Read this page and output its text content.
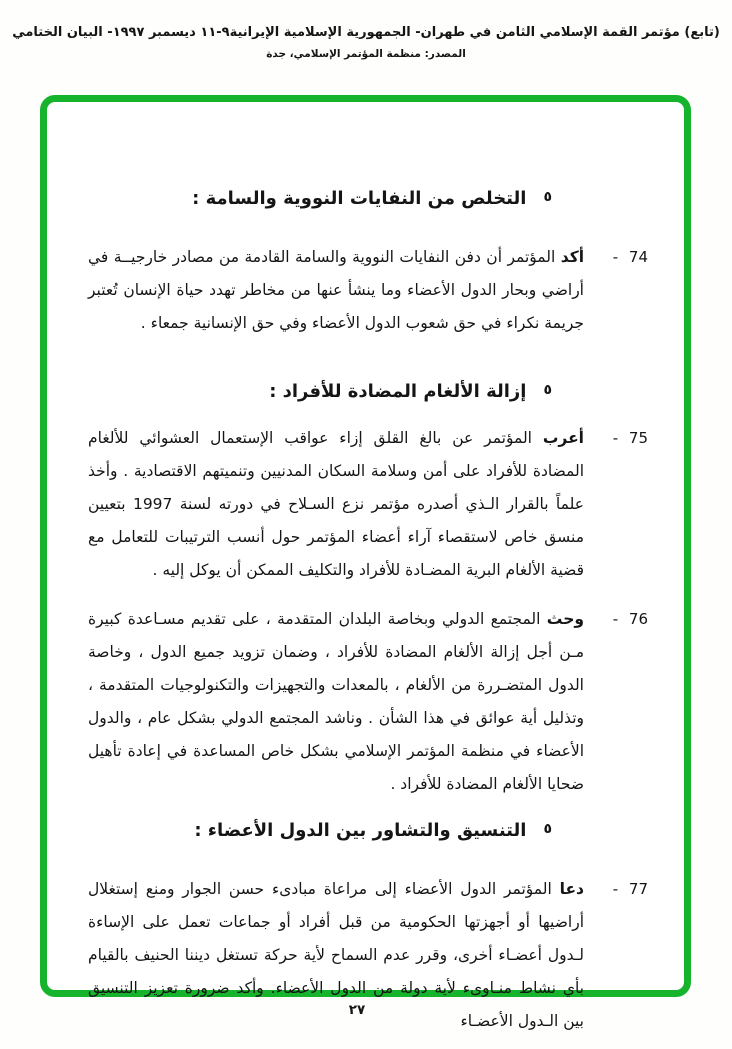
(تابع) مؤتمر القمة الإسلامي الثامن في طهران- الجمهورية الإسلامية الإيرانية٩-١١ ديسمبر ١٩٩٧- البيان الختامي
المصدر: منظمة المؤتمر الإسلامي، جدة
٥
التخلص من النفايات النووية والسامة :
- 74
أكد المؤتمر أن دفن النفايات النووية والسامة القادمة من مصادر خارجيــة في أراضي وبحار الدول الأعضاء وما ينشأ عنها من مخاطر تهدد حياة الإنسان تُعتبر جريمة نكراء في حق شعوب الدول الأعضاء وفي حق الإنسانية جمعاء .
٥
إزالة الألغام المضادة للأفراد :
- 75
أعرب المؤتمر عن بالغ القلق إزاء عواقب الإستعمال العشوائي للألغام المضادة للأفراد على أمن وسلامة السكان المدنيين وتنميتهم الاقتصادية . وأخذ علماً بالقرار الـذي أصدره مؤتمر نزع السـلاح في دورته لسنة 1997 بتعيين منسق خاص لاستقصاء آراء أعضاء المؤتمر حول أنسب الترتيبات للتعامل مع قضية الألغام البرية المضـادة للأفراد والتكليف الممكن أن يوكل إليه .
- 76
وحث المجتمع الدولي وبخاصة البلدان المتقدمة ، على تقديم مسـاعدة كبيرة مـن أجل إزالة الألغام المضادة للأفراد ، وضمان تزويد جميع الدول ، وخاصة الدول المتضـررة من الألغام ، بالمعدات والتجهيزات والتكنولوجيات المتقدمة ، وتذليل أية عوائق في هذا الشأن . وناشد المجتمع الدولي بشكل عام ، والدول الأعضاء في منظمة المؤتمر الإسلامي بشكل خاص المساعدة في إعادة تأهيل ضحايا الألغام المضادة للأفراد .
٥
التنسيق والتشاور بين الدول الأعضاء :
- 77
دعا المؤتمر الدول الأعضاء إلى مراعاة مبادىء حسن الجوار ومنع إستغلال أراضيها أو أجهزتها الحكومية من قبل أفراد أو جماعات تعمل على الإساءة لـدول أعضـاء أخرى، وقرر عدم السماح لأية حركة تستغل ديننا الحنيف بالقيام بأي نشاط منـاوىء لأية دولة من الدول الأعضاء. وأكد ضرورة تعزيز التنسيق بين الـدول الأعضـاء
٢٧
